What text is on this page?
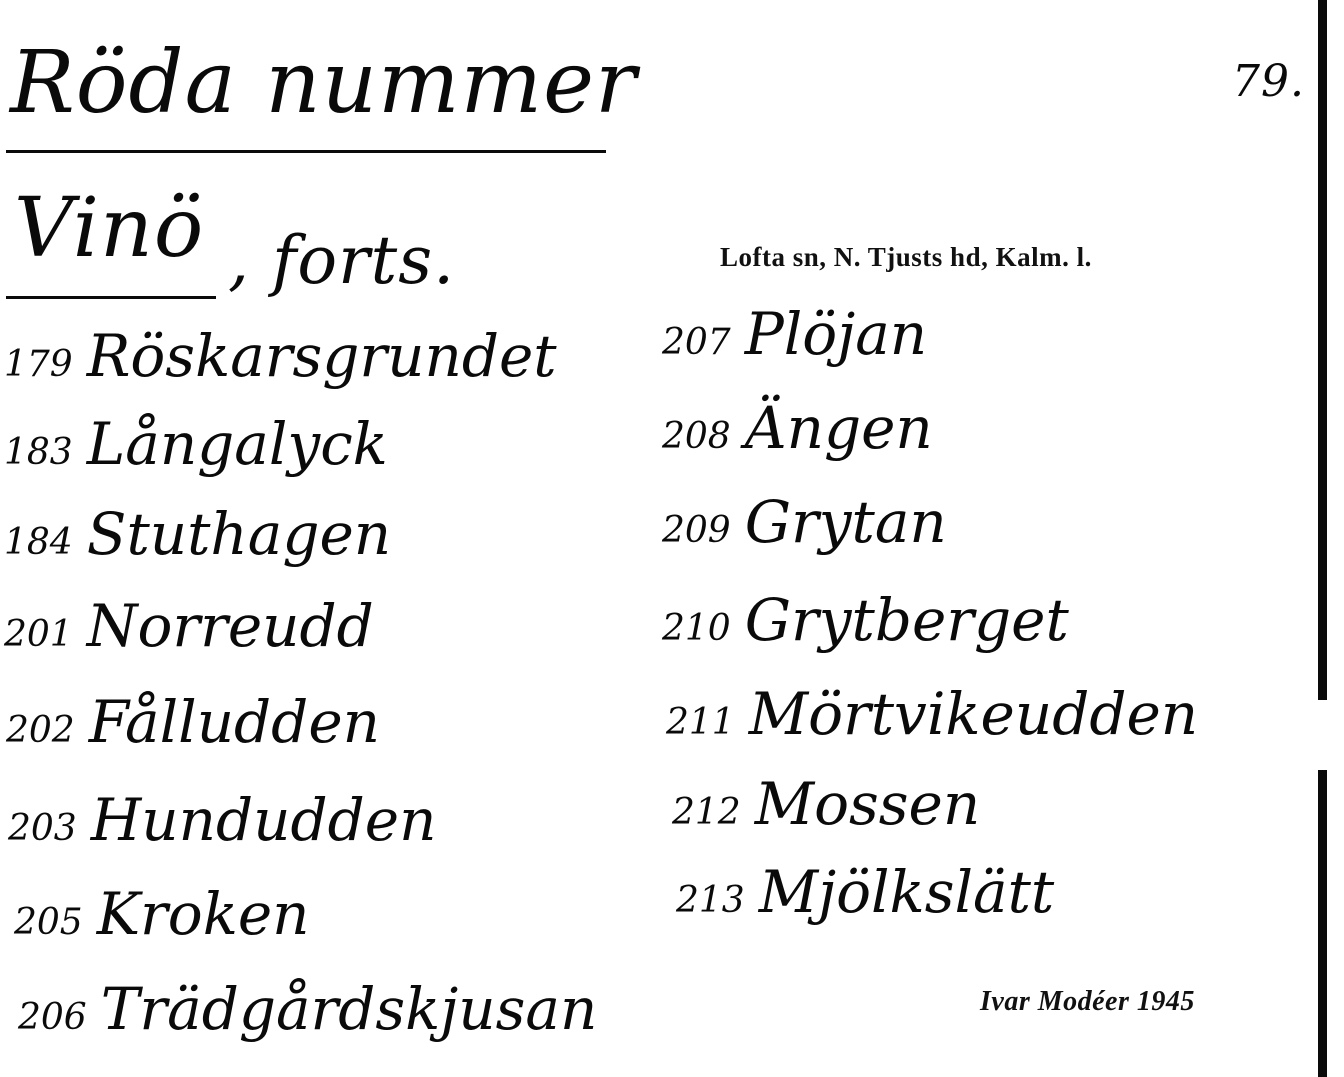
Röda nummer	79.
Vinö , forts.	Lofta sn, N. Tjusts hd, Kalm. l.
179 Röskarsgrundet
183 Långalyck
184 Stuthagen
201 Norreudd
202 Fålludden
203 Hundudden
205 Kroken
206 Trädgårdskjusan
207 Plöjan
208 Ängen
209 Grytan
210 Grytberget
211 Mörtvikeudden
212 Mossen
213 Mjölkslätt
Ivar Modéer 1945
